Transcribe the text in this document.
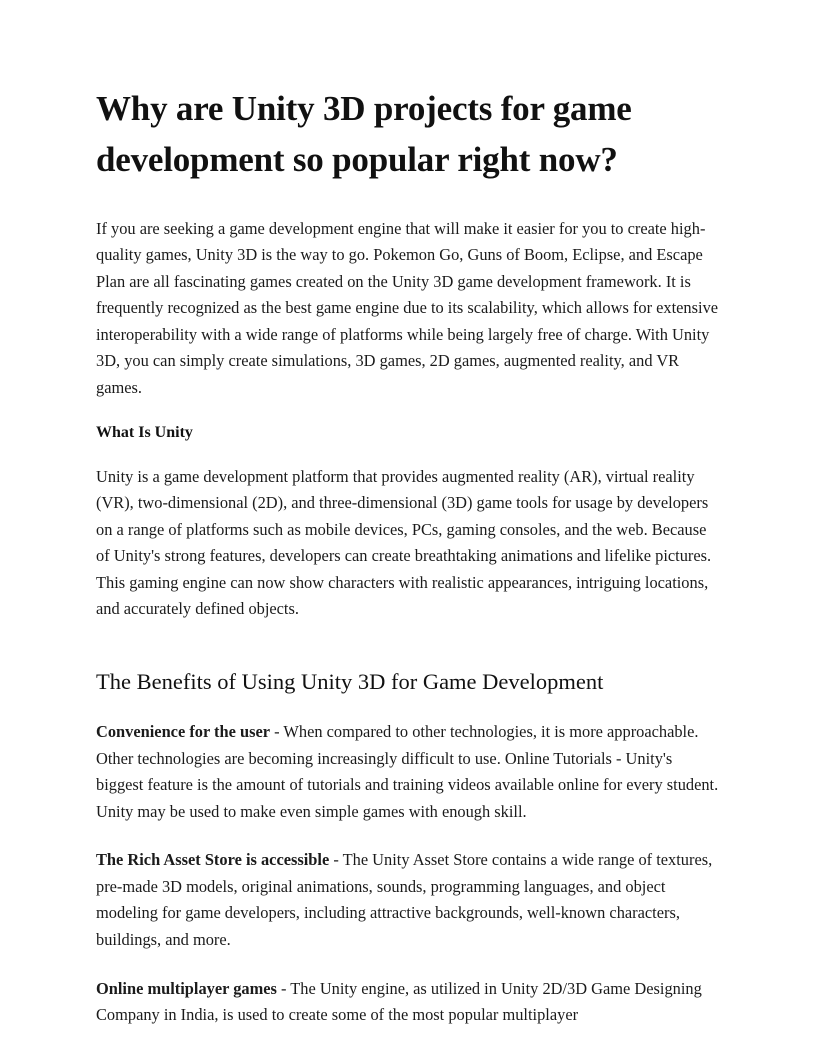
Why are Unity 3D projects for game development so popular right now?

If you are seeking a game development engine that will make it easier for you to create high-quality games, Unity 3D is the way to go. Pokemon Go, Guns of Boom, Eclipse, and Escape Plan are all fascinating games created on the Unity 3D game development framework. It is frequently recognized as the best game engine due to its scalability, which allows for extensive interoperability with a wide range of platforms while being largely free of charge. With Unity 3D, you can simply create simulations, 3D games, 2D games, augmented reality, and VR games.

What Is Unity

Unity is a game development platform that provides augmented reality (AR), virtual reality (VR), two-dimensional (2D), and three-dimensional (3D) game tools for usage by developers on a range of platforms such as mobile devices, PCs, gaming consoles, and the web. Because of Unity's strong features, developers can create breathtaking animations and lifelike pictures. This gaming engine can now show characters with realistic appearances, intriguing locations, and accurately defined objects.

The Benefits of Using Unity 3D for Game Development

Convenience for the user - When compared to other technologies, it is more approachable. Other technologies are becoming increasingly difficult to use. Online Tutorials - Unity's biggest feature is the amount of tutorials and training videos available online for every student. Unity may be used to make even simple games with enough skill.

The Rich Asset Store is accessible - The Unity Asset Store contains a wide range of textures, pre-made 3D models, original animations, sounds, programming languages, and object modeling for game developers, including attractive backgrounds, well-known characters, buildings, and more.

Online multiplayer games - The Unity engine, as utilized in Unity 2D/3D Game Designing Company in India, is used to create some of the most popular multiplayer
